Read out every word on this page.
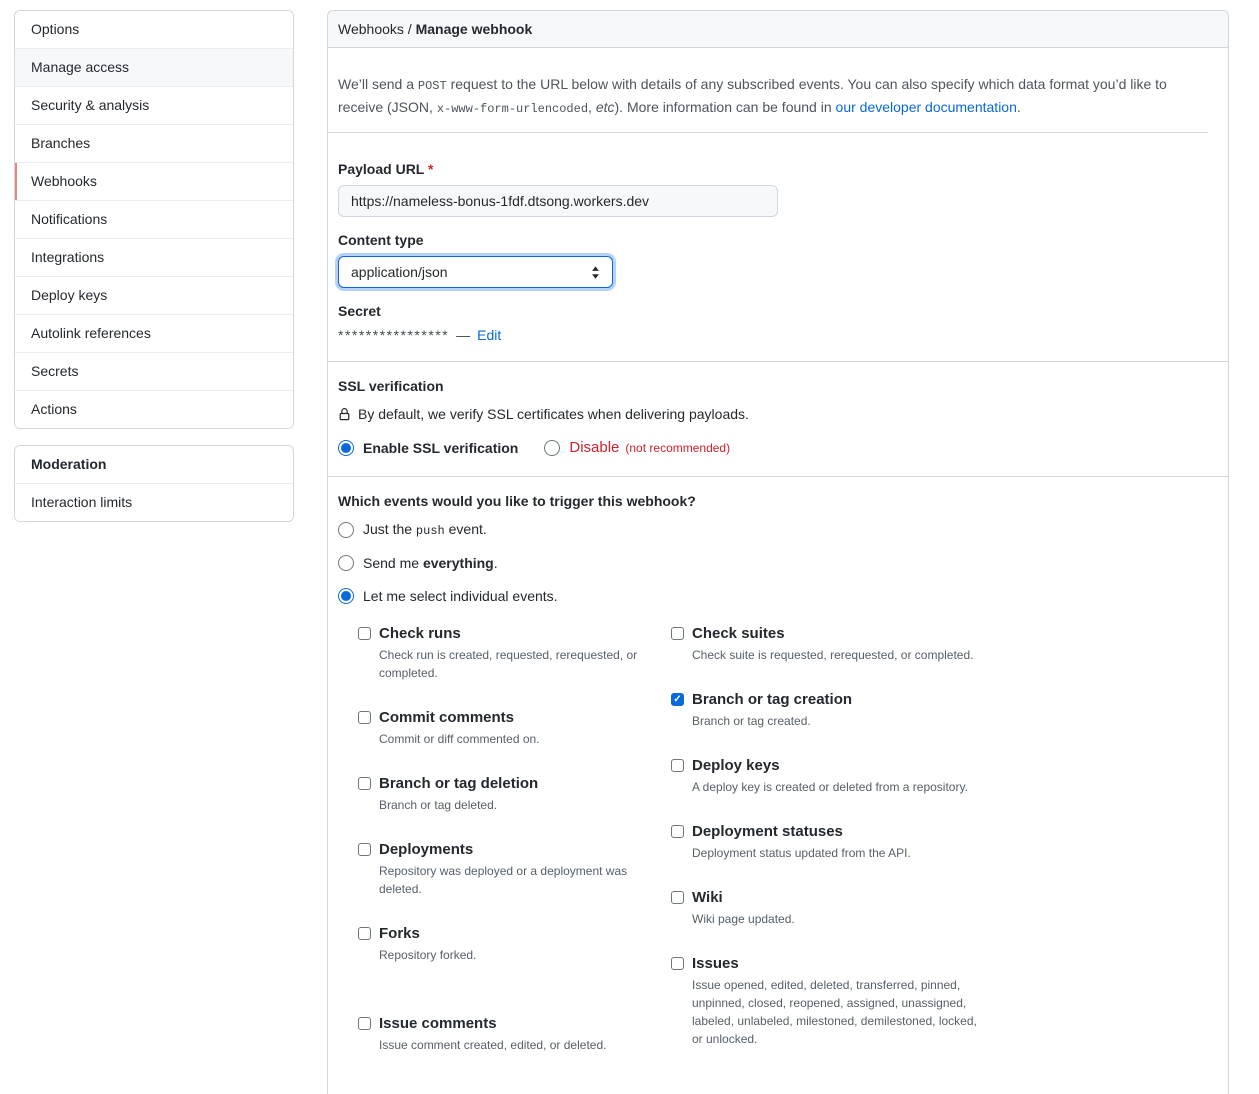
Options
Manage access
Security & analysis
Branches
Webhooks
Notifications
Integrations
Deploy keys
Autolink references
Secrets
Actions
Moderation
Interaction limits
Webhooks / Manage webhook

We’ll send a POST request to the URL below with details of any subscribed events. You can also specify which data format you’d like to receive (JSON, x-www-form-urlencoded, etc). More information can be found in our developer documentation.

Payload URL *
https://nameless-bonus-1fdf.dtsong.workers.dev
Content type
application/json
Secret
**************** — Edit
SSL verification
By default, we verify SSL certificates when delivering payloads.
Enable SSL verification	Disable (not recommended)
Which events would you like to trigger this webhook?
Just the push event.
Send me everything.
Let me select individual events.
Check runs
Check run is created, requested, rerequested, or completed.
Commit comments
Commit or diff commented on.
Branch or tag deletion
Branch or tag deleted.
Deployments
Repository was deployed or a deployment was deleted.
Forks
Repository forked.
Issue comments
Issue comment created, edited, or deleted.
Check suites
Check suite is requested, rerequested, or completed.
✓
Branch or tag creation
Branch or tag created.
Deploy keys
A deploy key is created or deleted from a repository.
Deployment statuses
Deployment status updated from the API.
Wiki
Wiki page updated.
Issues
Issue opened, edited, deleted, transferred, pinned, unpinned, closed, reopened, assigned, unassigned, labeled, unlabeled, milestoned, demilestoned, locked, or unlocked.
